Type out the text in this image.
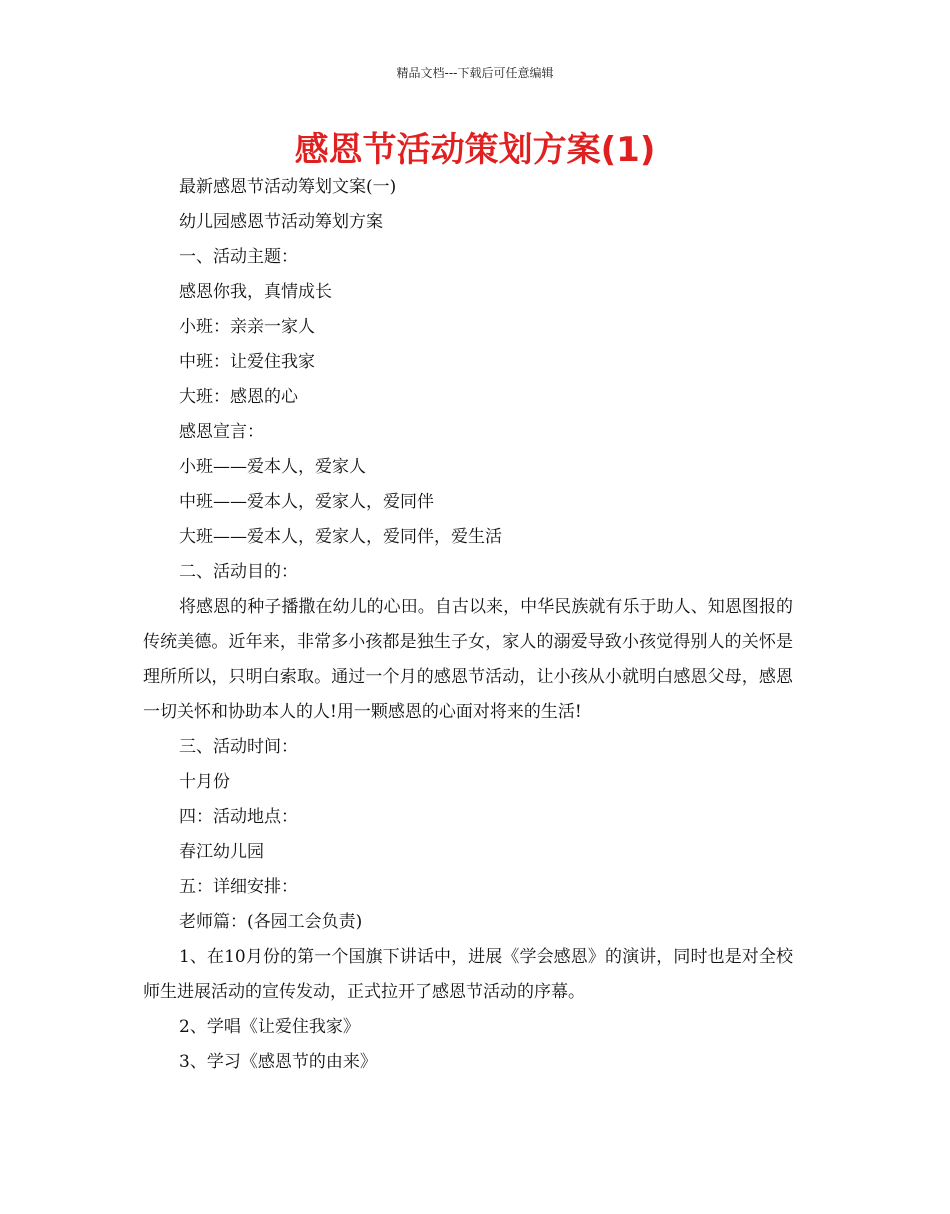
精品文档---下载后可任意编辑
感恩节活动策划方案(1)
最新感恩节活动筹划文案(一)
幼儿园感恩节活动筹划方案
一、活动主题：
感恩你我，真情成长
小班：亲亲一家人
中班：让爱住我家
大班：感恩的心
感恩宣言：
小班——爱本人，爱家人
中班——爱本人，爱家人，爱同伴
大班——爱本人，爱家人，爱同伴，爱生活
二、活动目的：

将感恩的种子播撒在幼儿的心田。自古以来，中华民族就有乐于助人、知恩图报的传统美德。近年来，非常多小孩都是独生子女，家人的溺爱导致小孩觉得别人的关怀是理所所以，只明白索取。通过一个月的感恩节活动，让小孩从小就明白感恩父母，感恩一切关怀和协助本人的人!用一颗感恩的心面对将来的生活!

三、活动时间：
十月份
四：活动地点：
春江幼儿园
五：详细安排：
老师篇：(各园工会负责)

1、在10月份的第一个国旗下讲话中，进展《学会感恩》的演讲，同时也是对全校师生进展活动的宣传发动，正式拉开了感恩节活动的序幕。

2、学唱《让爱住我家》
3、学习《感恩节的由来》
